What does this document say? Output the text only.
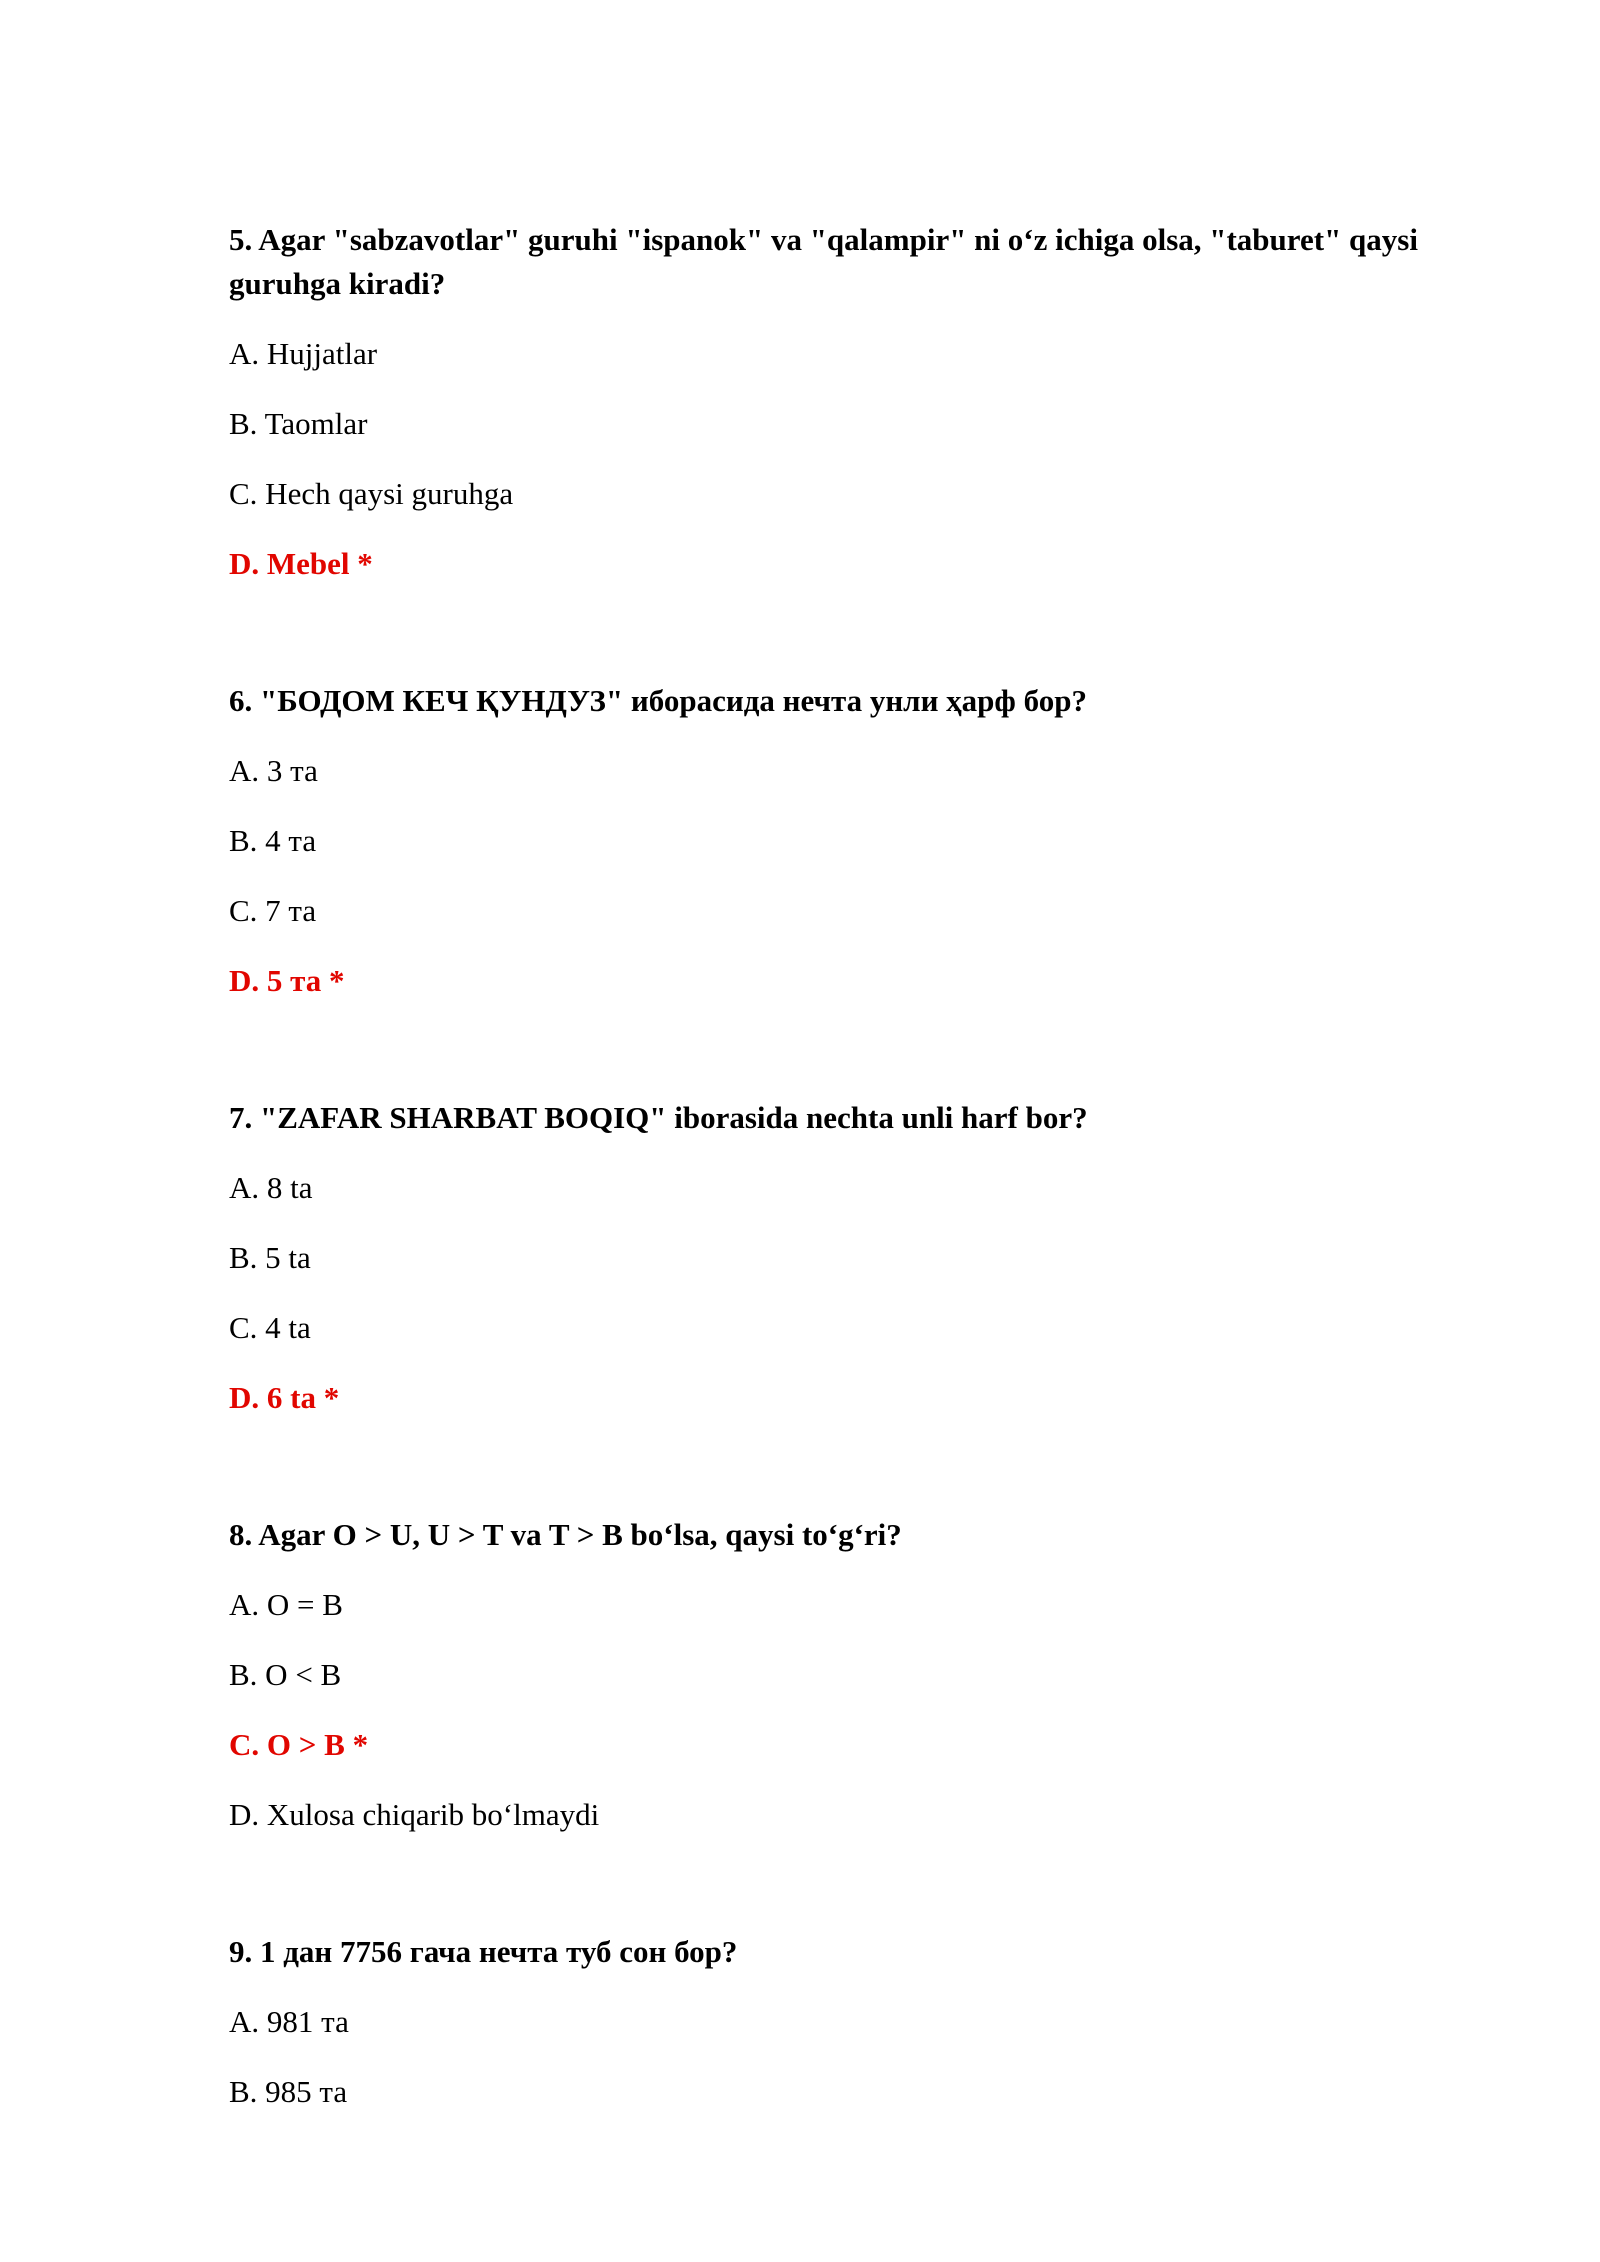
5. Agar "sabzavotlar" guruhi "ispanok" va "qalampir" ni o‘z ichiga olsa, "taburet" qaysi guruhga kiradi?

A. Hujjatlar
B. Taomlar
C. Hech qaysi guruhga
D. Mebel *

6. "БОДОМ КЕЧ ҚУНДУЗ" иборасида нечта унли ҳарф бор?

A. 3 та
B. 4 та
C. 7 та
D. 5 та *

7. "ZAFAR SHARBAT BOQIQ" iborasida nechta unli harf bor?

A. 8 ta
B. 5 ta
C. 4 ta
D. 6 ta *

8. Agar O > U, U > T va T > B bo‘lsa, qaysi to‘g‘ri?

A. O = B
B. O < B
C. O > B *
D. Xulosa chiqarib bo‘lmaydi

9. 1 дан 7756 гача нечта туб сон бор?

A. 981 та
B. 985 та
